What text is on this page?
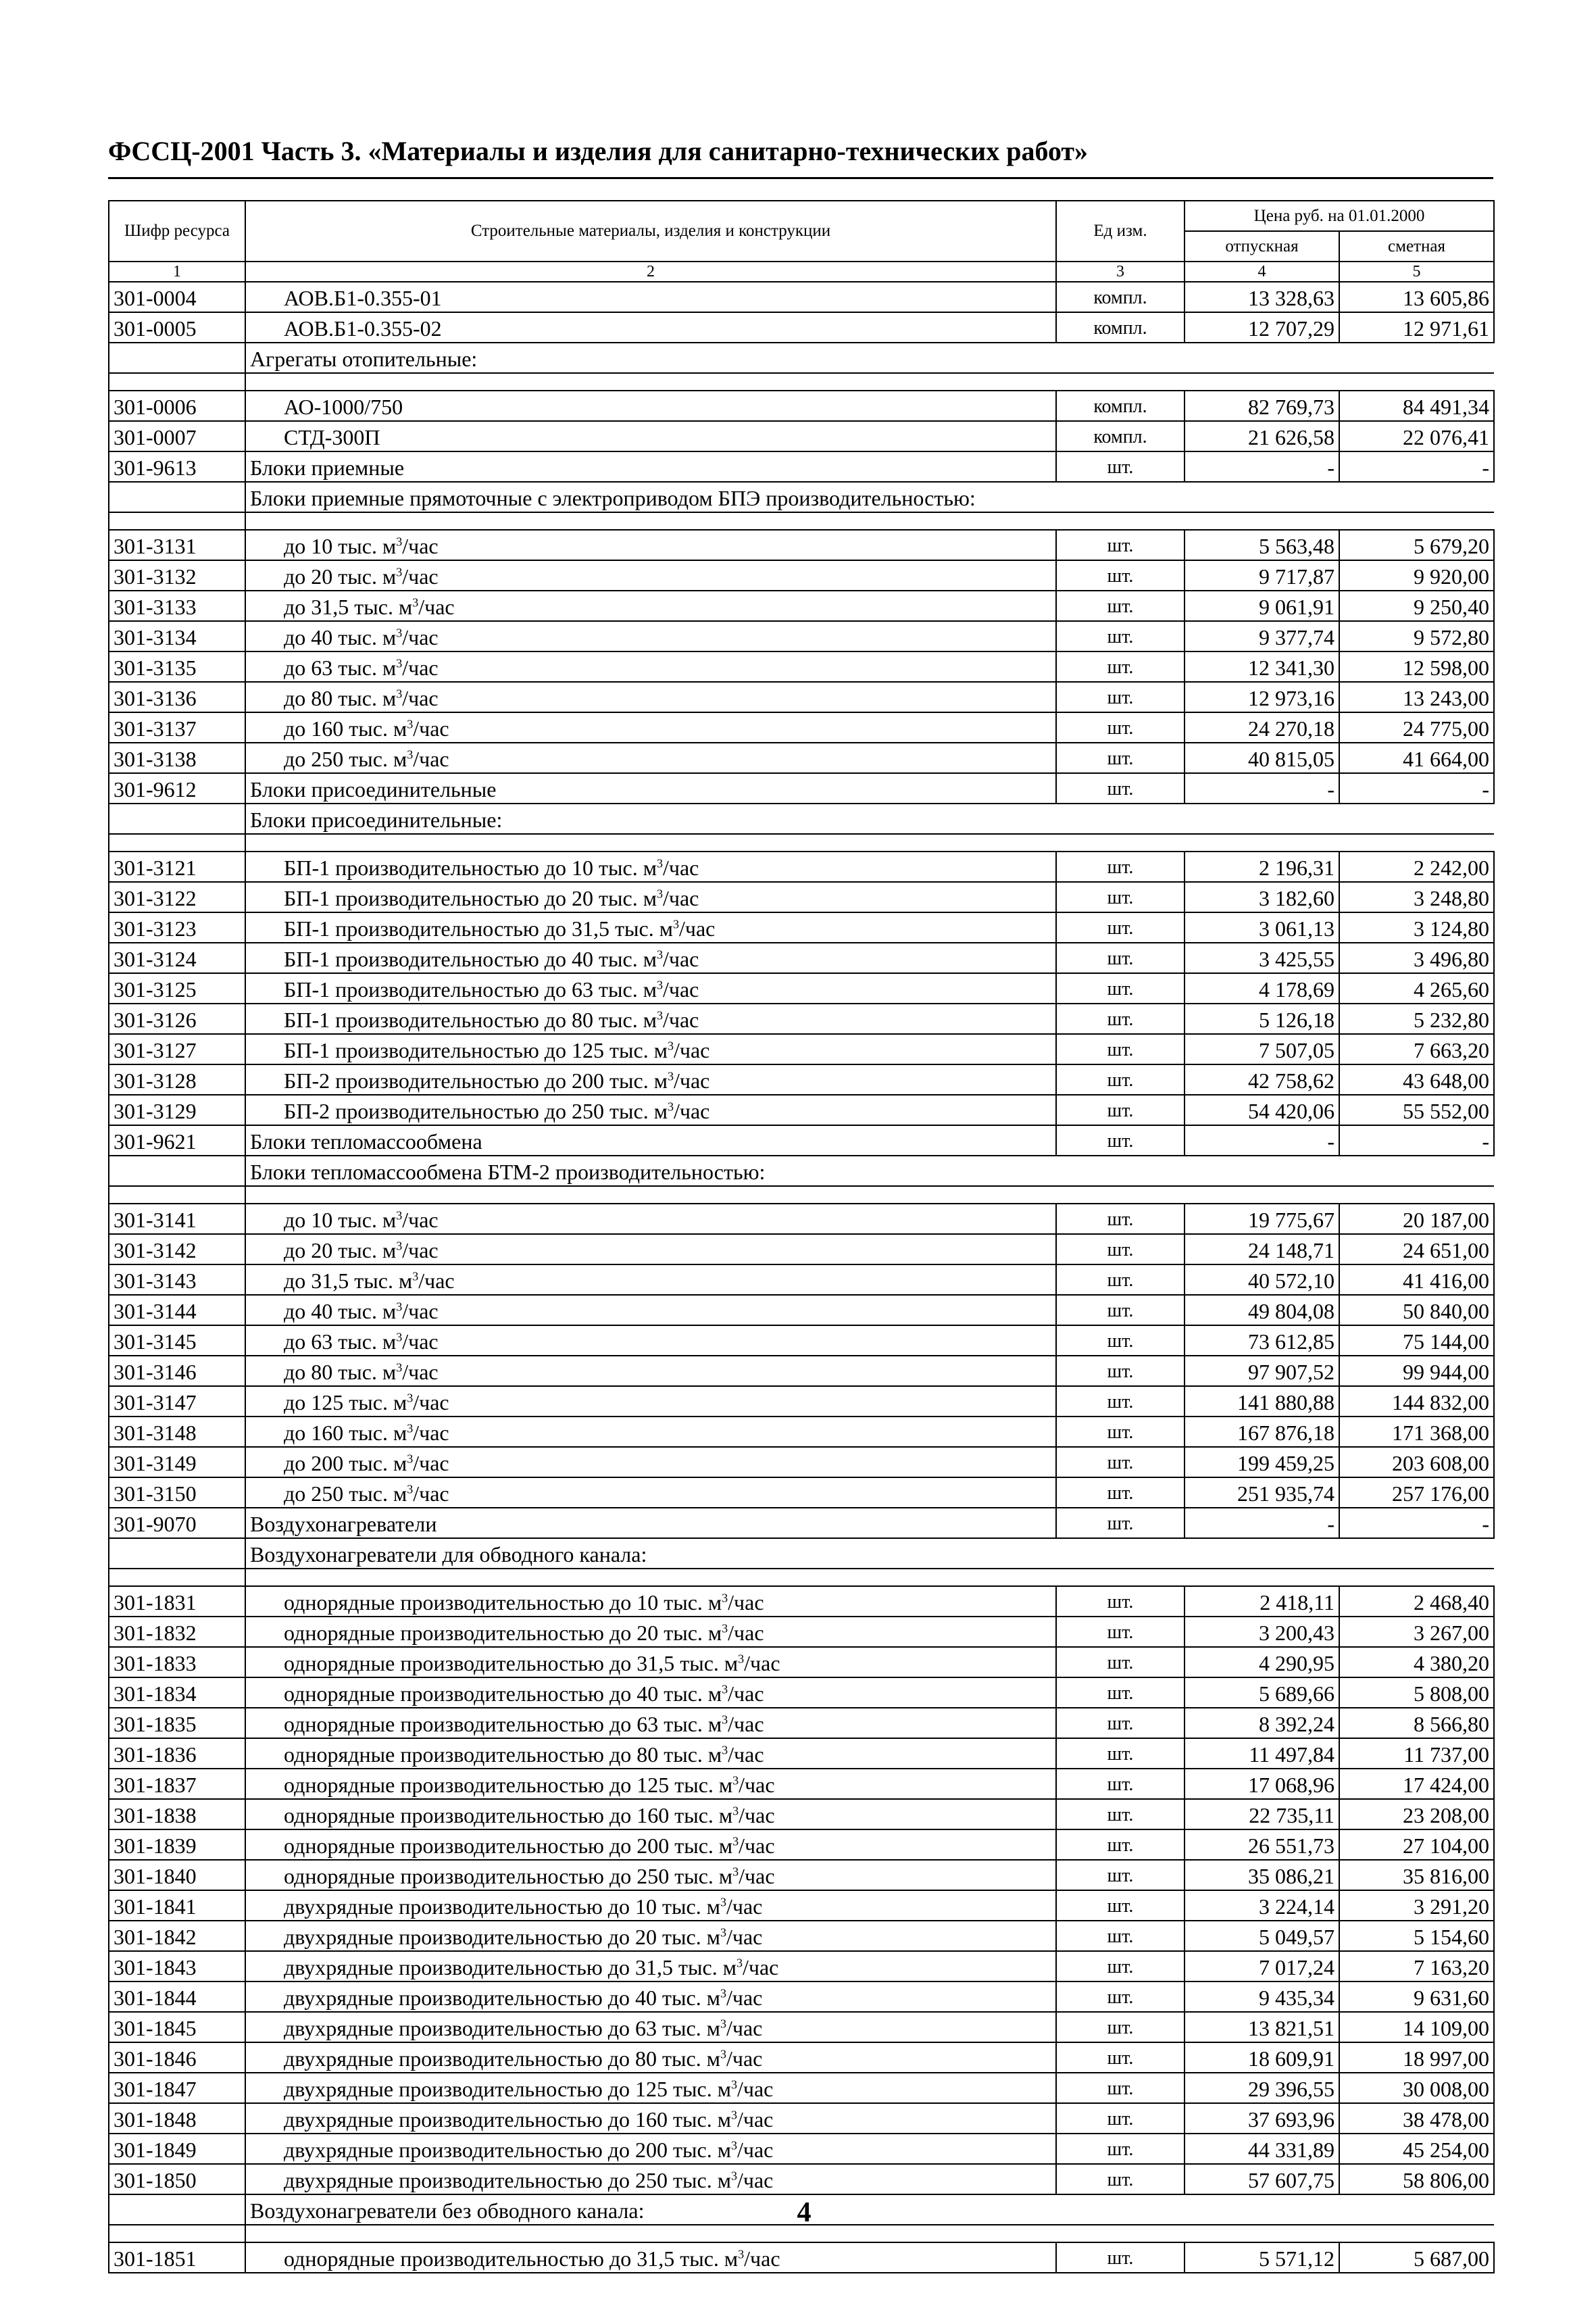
ФССЦ-2001 Часть 3. «Материалы и изделия для санитарно-технических работ»
Шифр ресурса	Строительные материалы, изделия и конструкции	Ед изм.	Цена руб. на 01.01.2000	
			отпускная	сметная
1	2	3	4	5
301-0004	АОВ.Б1-0.355-01	компл.	13 328,63	13 605,86
301-0005	АОВ.Б1-0.355-02	компл.	12 707,29	12 971,61
	Агрегаты отопительные:			

301-0006	АО-1000/750	компл.	82 769,73	84 491,34
301-0007	СТД-300П	компл.	21 626,58	22 076,41
301-9613	Блоки приемные	шт.	-	-
	Блоки приемные прямоточные с электроприводом БПЭ производительностью:			

301-3131	до 10 тыс. $м^3$/час	шт.	5 563,48	5 679,20
301-3132	до 20 тыс. $м^3$/час	шт.	9 717,87	9 920,00
301-3133	до 31,5 тыс. $м^3$/час	шт.	9 061,91	9 250,40
301-3134	до 40 тыс. $м^3$/час	шт.	9 377,74	9 572,80
301-3135	до 63 тыс. $м^3$/час	шт.	12 341,30	12 598,00
301-3136	до 80 тыс. $м^3$/час	шт.	12 973,16	13 243,00
301-3137	до 160 тыс. $м^3$/час	шт.	24 270,18	24 775,00
301-3138	до 250 тыс. $м^3$/час	шт.	40 815,05	41 664,00
301-9612	Блоки присоединительные	шт.	-	-
	Блоки присоединительные:			

301-3121	БП-1 производительностью до 10 тыс. $м^3$/час	шт.	2 196,31	2 242,00
301-3122	БП-1 производительностью до 20 тыс. $м^3$/час	шт.	3 182,60	3 248,80
301-3123	БП-1 производительностью до 31,5 тыс. $м^3$/час	шт.	3 061,13	3 124,80
301-3124	БП-1 производительностью до 40 тыс. $м^3$/час	шт.	3 425,55	3 496,80
301-3125	БП-1 производительностью до 63 тыс. $м^3$/час	шт.	4 178,69	4 265,60
301-3126	БП-1 производительностью до 80 тыс. $м^3$/час	шт.	5 126,18	5 232,80
301-3127	БП-1 производительностью до 125 тыс. $м^3$/час	шт.	7 507,05	7 663,20
301-3128	БП-2 производительностью до 200 тыс. $м^3$/час	шт.	42 758,62	43 648,00
301-3129	БП-2 производительностью до 250 тыс. $м^3$/час	шт.	54 420,06	55 552,00
301-9621	Блоки тепломассообмена	шт.	-	-
	Блоки тепломассообмена БТМ-2 производительностью:			

301-3141	до 10 тыс. $м^3$/час	шт.	19 775,67	20 187,00
301-3142	до 20 тыс. $м^3$/час	шт.	24 148,71	24 651,00
301-3143	до 31,5 тыс. $м^3$/час	шт.	40 572,10	41 416,00
301-3144	до 40 тыс. $м^3$/час	шт.	49 804,08	50 840,00
301-3145	до 63 тыс. $м^3$/час	шт.	73 612,85	75 144,00
301-3146	до 80 тыс. $м^3$/час	шт.	97 907,52	99 944,00
301-3147	до 125 тыс. $м^3$/час	шт.	141 880,88	144 832,00
301-3148	до 160 тыс. $м^3$/час	шт.	167 876,18	171 368,00
301-3149	до 200 тыс. $м^3$/час	шт.	199 459,25	203 608,00
301-3150	до 250 тыс. $м^3$/час	шт.	251 935,74	257 176,00
301-9070	Воздухонагреватели	шт.	-	-
	Воздухонагреватели для обводного канала:			

301-1831	однорядные производительностью до 10 тыс. $м^3$/час	шт.	2 418,11	2 468,40
301-1832	однорядные производительностью до 20 тыс. $м^3$/час	шт.	3 200,43	3 267,00
301-1833	однорядные производительностью до 31,5 тыс. $м^3$/час	шт.	4 290,95	4 380,20
301-1834	однорядные производительностью до 40 тыс. $м^3$/час	шт.	5 689,66	5 808,00
301-1835	однорядные производительностью до 63 тыс. $м^3$/час	шт.	8 392,24	8 566,80
301-1836	однорядные производительностью до 80 тыс. $м^3$/час	шт.	11 497,84	11 737,00
301-1837	однорядные производительностью до 125 тыс. $м^3$/час	шт.	17 068,96	17 424,00
301-1838	однорядные производительностью до 160 тыс. $м^3$/час	шт.	22 735,11	23 208,00
301-1839	однорядные производительностью до 200 тыс. $м^3$/час	шт.	26 551,73	27 104,00
301-1840	однорядные производительностью до 250 тыс. $м^3$/час	шт.	35 086,21	35 816,00
301-1841	двухрядные производительностью до 10 тыс. $м^3$/час	шт.	3 224,14	3 291,20
301-1842	двухрядные производительностью до 20 тыс. $м^3$/час	шт.	5 049,57	5 154,60
301-1843	двухрядные производительностью до 31,5 тыс. $м^3$/час	шт.	7 017,24	7 163,20
301-1844	двухрядные производительностью до 40 тыс. $м^3$/час	шт.	9 435,34	9 631,60
301-1845	двухрядные производительностью до 63 тыс. $м^3$/час	шт.	13 821,51	14 109,00
301-1846	двухрядные производительностью до 80 тыс. $м^3$/час	шт.	18 609,91	18 997,00
301-1847	двухрядные производительностью до 125 тыс. $м^3$/час	шт.	29 396,55	30 008,00
301-1848	двухрядные производительностью до 160 тыс. $м^3$/час	шт.	37 693,96	38 478,00
301-1849	двухрядные производительностью до 200 тыс. $м^3$/час	шт.	44 331,89	45 254,00
301-1850	двухрядные производительностью до 250 тыс. $м^3$/час	шт.	57 607,75	58 806,00
	Воздухонагреватели без обводного канала:			

301-1851	однорядные производительностью до 31,5 тыс. $м^3$/час	шт.	5 571,12	5 687,00
4
